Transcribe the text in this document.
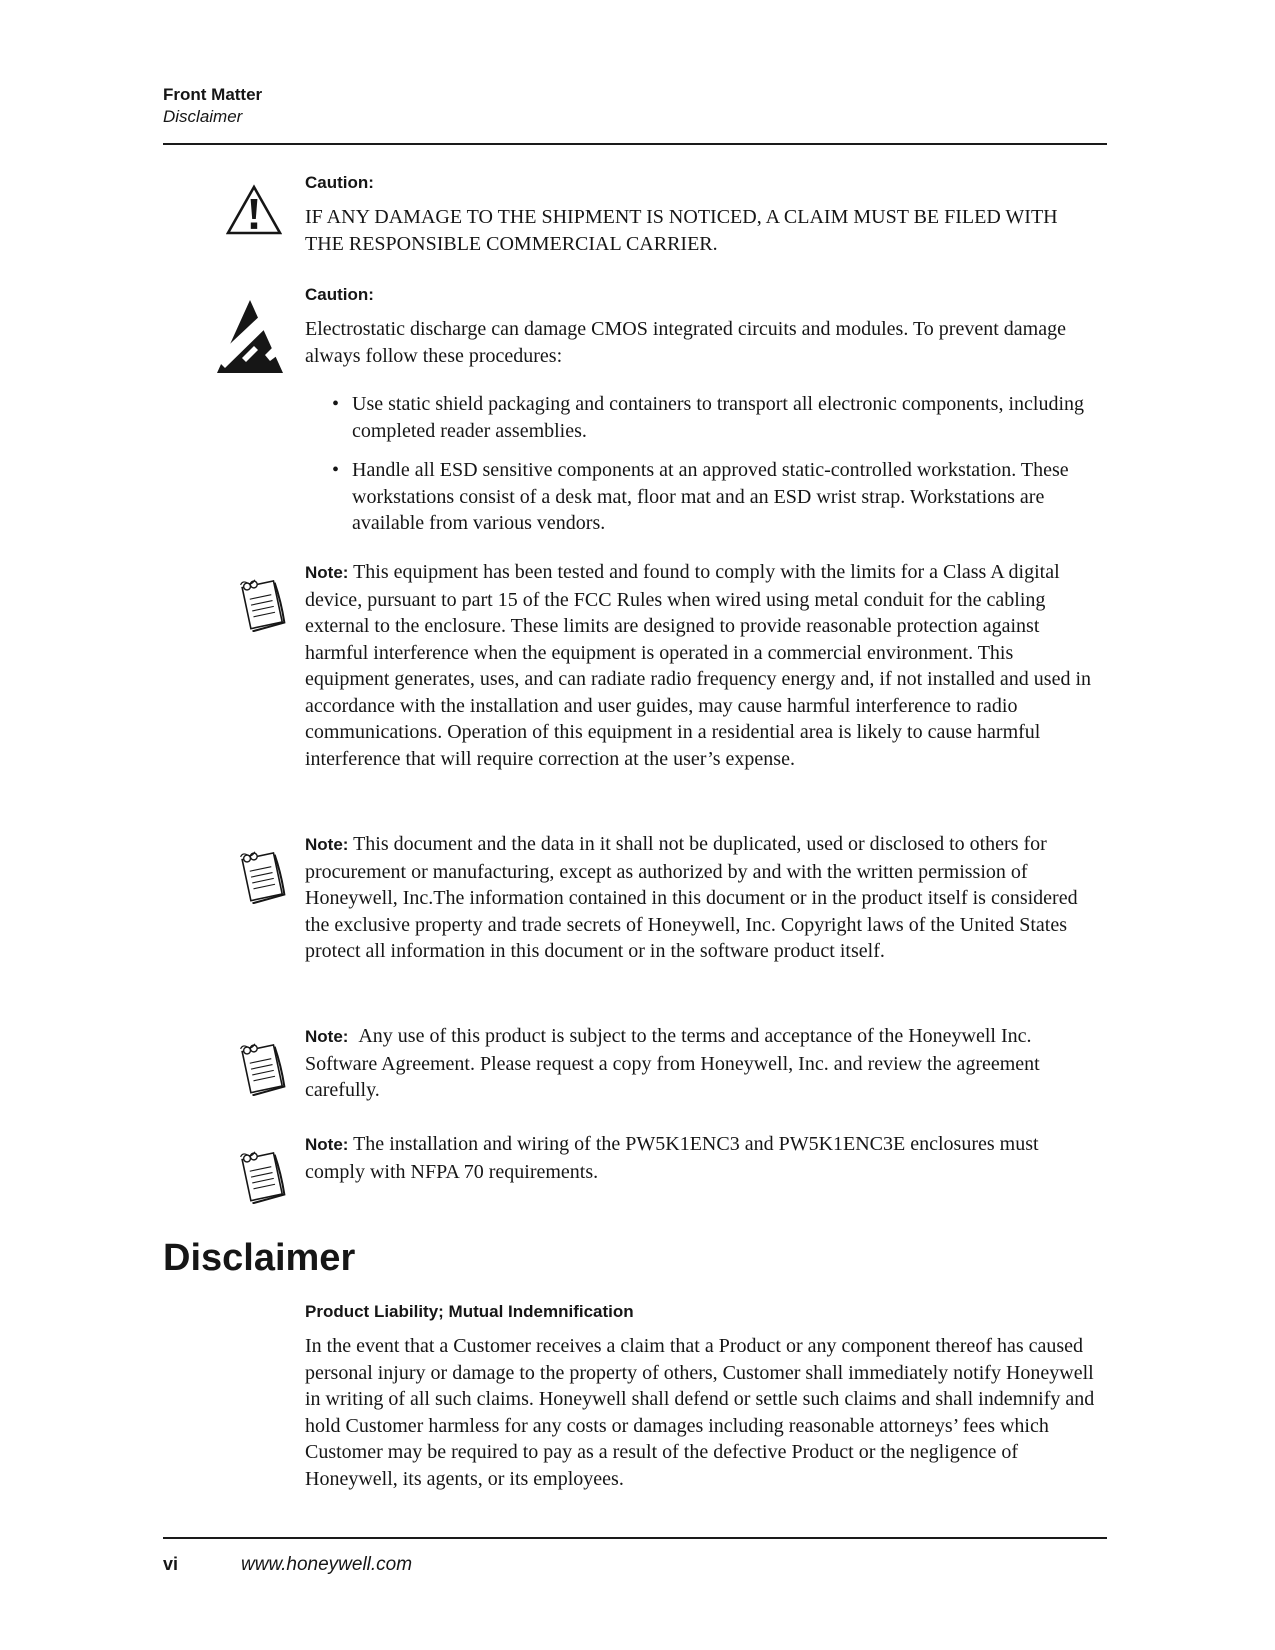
Front Matter
Disclaimer
Caution:

IF ANY DAMAGE TO THE SHIPMENT IS NOTICED, A CLAIM MUST BE FILED WITH THE RESPONSIBLE COMMERCIAL CARRIER.

Caution:

Electrostatic discharge can damage CMOS integrated circuits and modules. To prevent damage always follow these procedures:

• Use static shield packaging and containers to transport all electronic components, including completed reader assemblies.
• Handle all ESD sensitive components at an approved static-controlled workstation. These workstations consist of a desk mat, floor mat and an ESD wrist strap. Workstations are available from various vendors.

Note: This equipment has been tested and found to comply with the limits for a Class A digital device, pursuant to part 15 of the FCC Rules when wired using metal conduit for the cabling external to the enclosure. These limits are designed to provide reasonable protection against harmful interference when the equipment is operated in a commercial environment. This equipment generates, uses, and can radiate radio frequency energy and, if not installed and used in accordance with the installation and user guides, may cause harmful interference to radio communications. Operation of this equipment in a residential area is likely to cause harmful interference that will require correction at the user’s expense.

Note: This document and the data in it shall not be duplicated, used or disclosed to others for procurement or manufacturing, except as authorized by and with the written permission of Honeywell, Inc.The information contained in this document or in the product itself is considered the exclusive property and trade secrets of Honeywell, Inc. Copyright laws of the United States protect all information in this document or in the software product itself.

Note: Any use of this product is subject to the terms and acceptance of the Honeywell Inc. Software Agreement. Please request a copy from Honeywell, Inc. and review the agreement carefully.

Note: The installation and wiring of the PW5K1ENC3 and PW5K1ENC3E enclosures must comply with NFPA 70 requirements.

Disclaimer
Product Liability; Mutual Indemnification

In the event that a Customer receives a claim that a Product or any component thereof has caused personal injury or damage to the property of others, Customer shall immediately notify Honeywell in writing of all such claims. Honeywell shall defend or settle such claims and shall indemnify and hold Customer harmless for any costs or damages including reasonable attorneys’ fees which Customer may be required to pay as a result of the defective Product or the negligence of Honeywell, its agents, or its employees.

vi	www.honeywell.com
